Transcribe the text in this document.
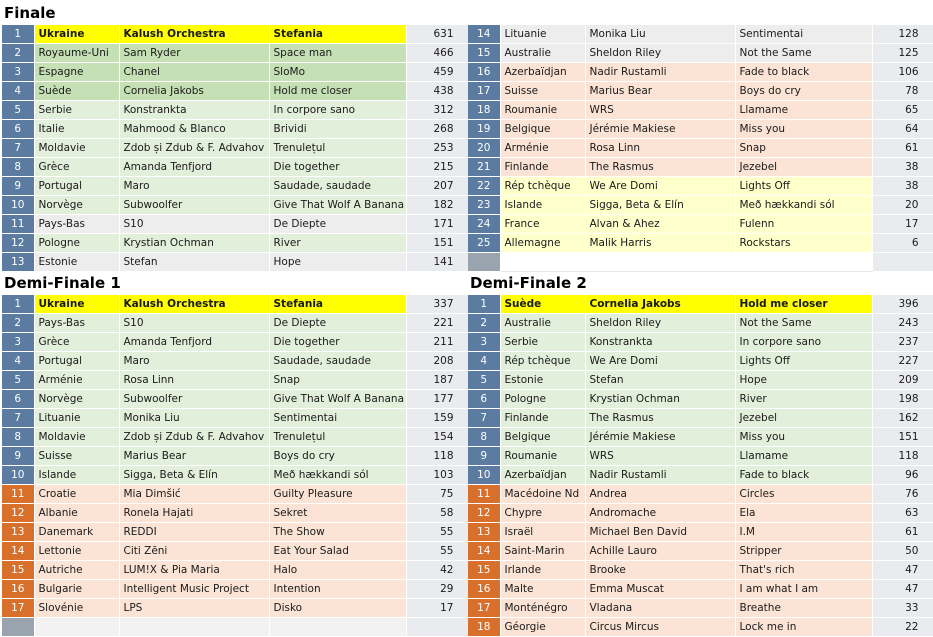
Finale
1	Ukraine	Kalush Orchestra	Stefania	631
2	Royaume-Uni	Sam Ryder	Space man	466
3	Espagne	Chanel	SloMo	459
4	Suède	Cornelia Jakobs	Hold me closer	438
5	Serbie	Konstrankta	In corpore sano	312
6	Italie	Mahmood & Blanco	Brividi	268
7	Moldavie	Zdob și Zdub & F. Advahov	Trenulețul	253
8	Grèce	Amanda Tenfjord	Die together	215
9	Portugal	Maro	Saudade, saudade	207
10	Norvège	Subwoolfer	Give That Wolf A Banana	182
11	Pays-Bas	S10	De Diepte	171
12	Pologne	Krystian Ochman	River	151
13	Estonie	Stefan	Hope	141
14	Lituanie	Monika Liu	Sentimentai	128
15	Australie	Sheldon Riley	Not the Same	125
16	Azerbaïdjan	Nadir Rustamli	Fade to black	106
17	Suisse	Marius Bear	Boys do cry	78
18	Roumanie	WRS	Llamame	65
19	Belgique	Jérémie Makiese	Miss you	64
20	Arménie	Rosa Linn	Snap	61
21	Finlande	The Rasmus	Jezebel	38
22	Rép tchèque	We Are Domi	Lights Off	38
23	Islande	Sigga, Beta & Elín	Með hækkandi sól	20
24	France	Alvan & Ahez	Fulenn	17
25	Allemagne	Malik Harris	Rockstars	6

Demi-Finale 1
1	Ukraine	Kalush Orchestra	Stefania	337
2	Pays-Bas	S10	De Diepte	221
3	Grèce	Amanda Tenfjord	Die together	211
4	Portugal	Maro	Saudade, saudade	208
5	Arménie	Rosa Linn	Snap	187
6	Norvège	Subwoolfer	Give That Wolf A Banana	177
7	Lituanie	Monika Liu	Sentimentai	159
8	Moldavie	Zdob și Zdub & F. Advahov	Trenulețul	154
9	Suisse	Marius Bear	Boys do cry	118
10	Islande	Sigga, Beta & Elín	Með hækkandi sól	103
11	Croatie	Mia Dimšić	Guilty Pleasure	75
12	Albanie	Ronela Hajati	Sekret	58
13	Danemark	REDDI	The Show	55
14	Lettonie	Citi Zēni	Eat Your Salad	55
15	Autriche	LUM!X & Pia Maria	Halo	42
16	Bulgarie	Intelligent Music Project	Intention	29
17	Slovénie	LPS	Disko	17

Demi-Finale 2
1	Suède	Cornelia Jakobs	Hold me closer	396
2	Australie	Sheldon Riley	Not the Same	243
3	Serbie	Konstrankta	In corpore sano	237
4	Rép tchèque	We Are Domi	Lights Off	227
5	Estonie	Stefan	Hope	209
6	Pologne	Krystian Ochman	River	198
7	Finlande	The Rasmus	Jezebel	162
8	Belgique	Jérémie Makiese	Miss you	151
9	Roumanie	WRS	Llamame	118
10	Azerbaïdjan	Nadir Rustamli	Fade to black	96
11	Macédoine Nd	Andrea	Circles	76
12	Chypre	Andromache	Ela	63
13	Israël	Michael Ben David	I.M	61
14	Saint-Marin	Achille Lauro	Stripper	50
15	Irlande	Brooke	That's rich	47
16	Malte	Emma Muscat	I am what I am	47
17	Monténégro	Vladana	Breathe	33
18	Géorgie	Circus Mircus	Lock me in	22
